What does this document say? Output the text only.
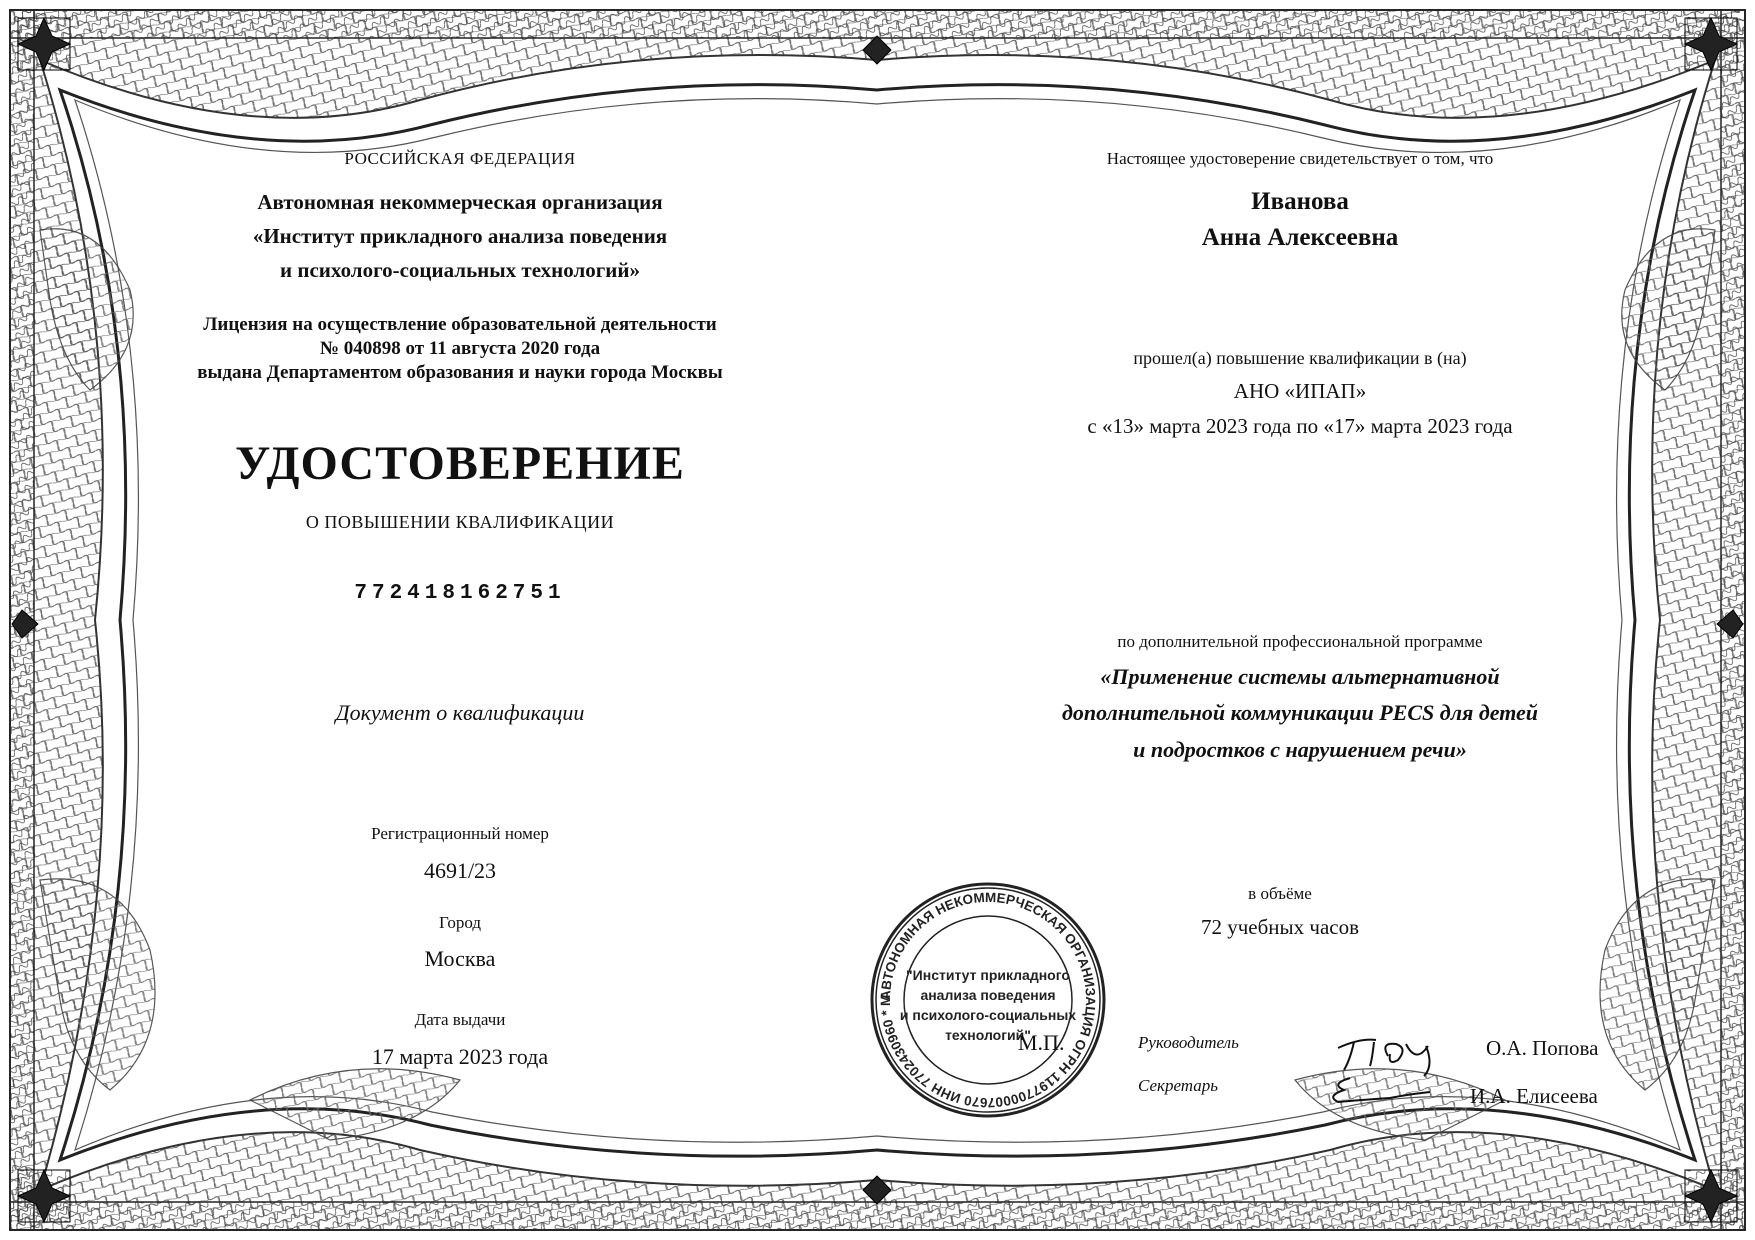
РОССИЙСКАЯ ФЕДЕРАЦИЯ
Автономная некоммерческая организация
«Институт прикладного анализа поведения
и психолого-социальных технологий»
Лицензия на осуществление образовательной деятельности
№ 040898 от 11 августа 2020 года
выдана Департаментом образования и науки города Москвы
УДОСТОВЕРЕНИЕ
О ПОВЫШЕНИИ КВАЛИФИКАЦИИ
772418162751
Документ о квалификации
Регистрационный номер
4691/23
Город
Москва
Дата выдачи
17 марта 2023 года
Настоящее удостоверение свидетельствует о том, что
Иванова
Анна Алексеевна
прошел(а) повышение квалификации в (на)
АНО «ИПАП»
с «13» марта 2023 года по «17» марта 2023 года
по дополнительной профессиональной программе
«Применение системы альтернативной
дополнительной коммуникации PECS для детей
и подростков с нарушением речи»
в объёме
72 учебных часов
Руководитель	О.А. Попова
Секретарь	И.А. Елисеева
АВТОНОМНАЯ НЕКОММЕРЧЕСКАЯ ОРГАНИЗАЦИЯ ОГРН 1197700007670 ИНН 7702430960 * МОСКВА *
"Институт прикладного
анализа поведения
и психолого-социальных
технологий"
М.П.
